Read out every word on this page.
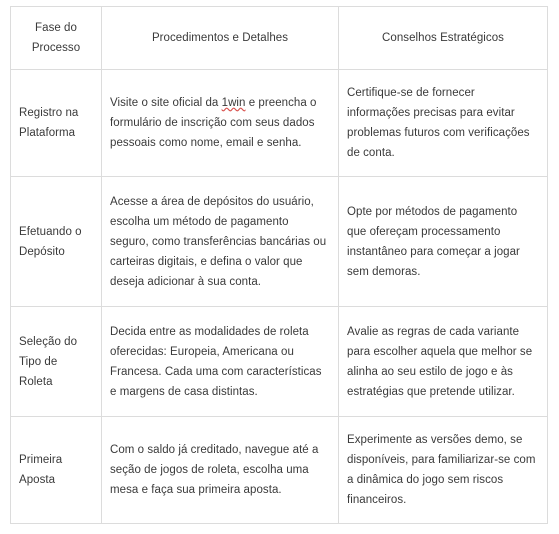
Fase do Processo	Procedimentos e Detalhes	Conselhos Estratégicos
Registro na Plataforma	Visite o site oficial da 1win e preencha o formulário de inscrição com seus dados pessoais como nome, email e senha.	Certifique-se de fornecer informações precisas para evitar problemas futuros com verificações de conta.
Efetuando o Depósito	Acesse a área de depósitos do usuário, escolha um método de pagamento seguro, como transferências bancárias ou carteiras digitais, e defina o valor que deseja adicionar à sua conta.	Opte por métodos de pagamento que ofereçam processamento instantâneo para começar a jogar sem demoras.
Seleção do Tipo de Roleta	Decida entre as modalidades de roleta oferecidas: Europeia, Americana ou Francesa. Cada uma com características e margens de casa distintas.	Avalie as regras de cada variante para escolher aquela que melhor se alinha ao seu estilo de jogo e às estratégias que pretende utilizar.
Primeira Aposta	Com o saldo já creditado, navegue até a seção de jogos de roleta, escolha uma mesa e faça sua primeira aposta.	Experimente as versões demo, se disponíveis, para familiarizar-se com a dinâmica do jogo sem riscos financeiros.
